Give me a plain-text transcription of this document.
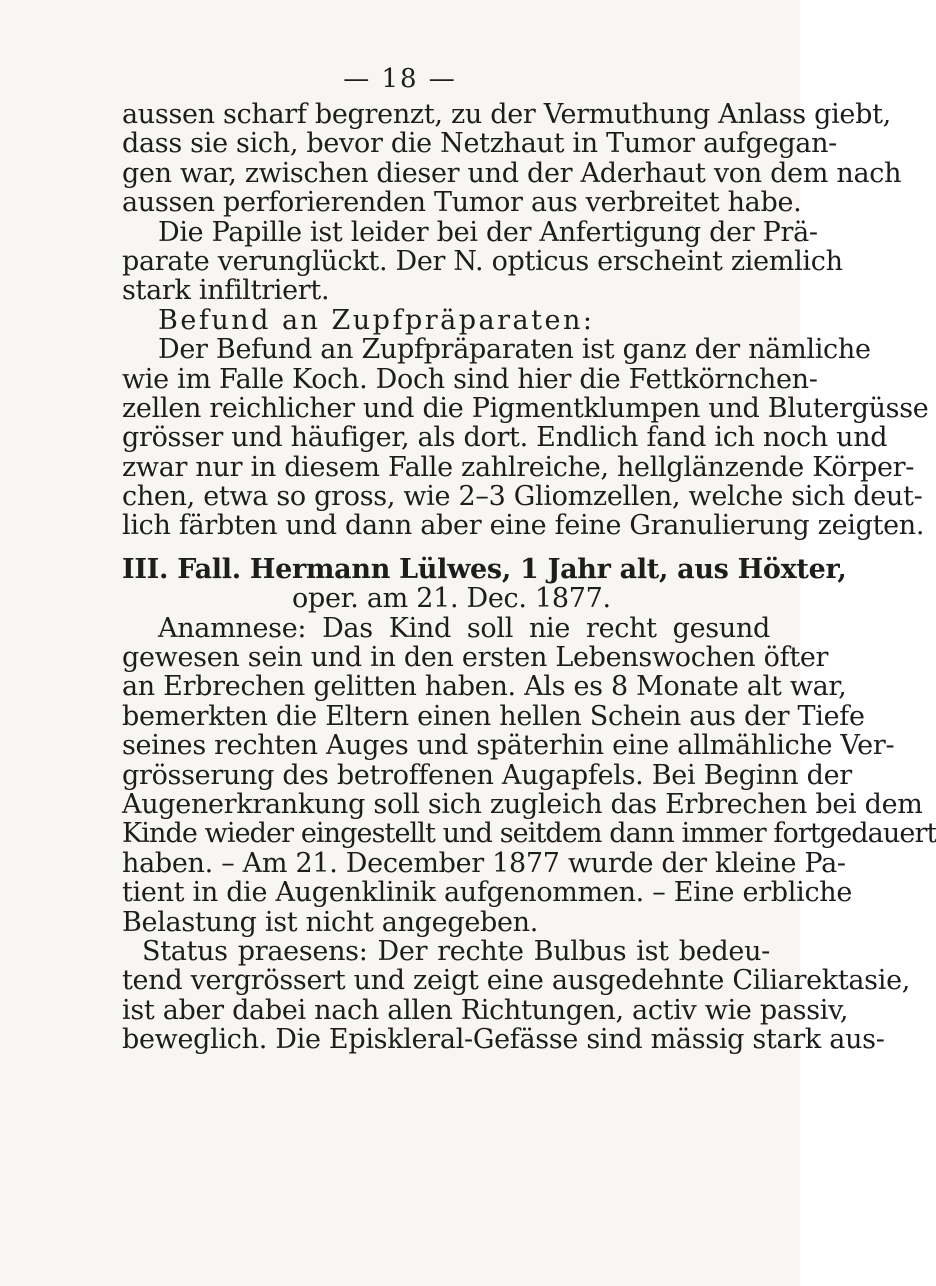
— 18 —
aussen scharf begrenzt, zu der Vermuthung Anlass giebt,
dass sie sich, bevor die Netzhaut in Tumor aufgegan-
gen war, zwischen dieser und der Aderhaut von dem nach
aussen perforierenden Tumor aus verbreitet habe.
Die Papille ist leider bei der Anfertigung der Prä-
parate verunglückt. Der N. opticus erscheint ziemlich
stark infiltriert.
Befund an Zupfpräparaten:
Der Befund an Zupfpräparaten ist ganz der nämliche
wie im Falle Koch. Doch sind hier die Fettkörnchen-
zellen reichlicher und die Pigmentklumpen und Blutergüsse
grösser und häufiger, als dort. Endlich fand ich noch und
zwar nur in diesem Falle zahlreiche, hellglänzende Körper-
chen, etwa so gross, wie 2–3 Gliomzellen, welche sich deut-
lich färbten und dann aber eine feine Granulierung zeigten.
III. Fall. Hermann Lülwes, 1 Jahr alt, aus Höxter,
oper. am 21. Dec. 1877.
Anamnese: Das Kind soll nie recht gesund
gewesen sein und in den ersten Lebenswochen öfter
an Erbrechen gelitten haben. Als es 8 Monate alt war,
bemerkten die Eltern einen hellen Schein aus der Tiefe
seines rechten Auges und späterhin eine allmähliche Ver-
grösserung des betroffenen Augapfels. Bei Beginn der
Augenerkrankung soll sich zugleich das Erbrechen bei dem
Kinde wieder eingestellt und seitdem dann immer fortgedauert
haben. – Am 21. December 1877 wurde der kleine Pa-
tient in die Augenklinik aufgenommen. – Eine erbliche
Belastung ist nicht angegeben.
Status praesens: Der rechte Bulbus ist bedeu-
tend vergrössert und zeigt eine ausgedehnte Ciliarektasie,
ist aber dabei nach allen Richtungen, activ wie passiv,
beweglich. Die Episkleral-Gefässe sind mässig stark aus-
